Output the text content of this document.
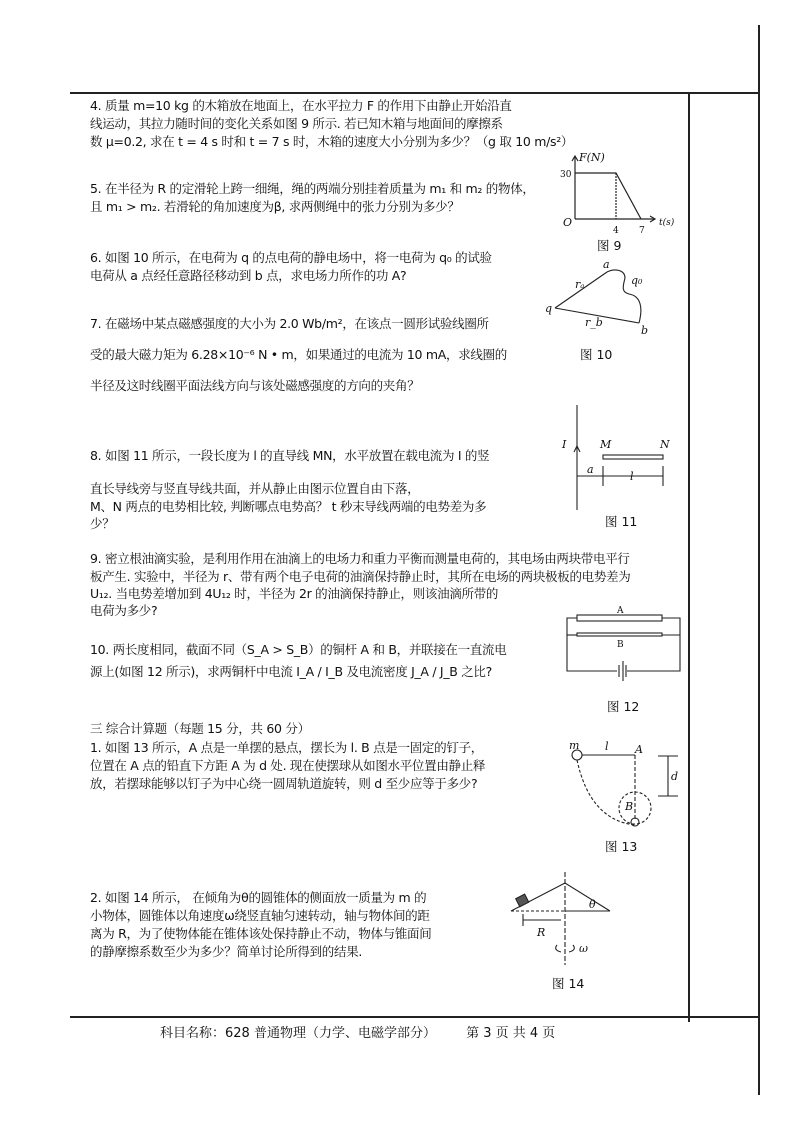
4. 质量 m=10 kg 的木箱放在地面上，在水平拉力 F 的作用下由静止开始沿直
线运动，其拉力随时间的变化关系如图 9 所示. 若已知木箱与地面间的摩擦系
数 μ=0.2, 求在 t = 4 s 时和 t = 7 s 时，木箱的速度大小分别为多少？（g 取 10 m/s²）
5. 在半径为 R 的定滑轮上跨一细绳，绳的两端分别挂着质量为 m₁ 和 m₂ 的物体，
且 m₁ > m₂. 若滑轮的角加速度为β, 求两侧绳中的张力分别为多少？
6. 如图 10 所示，在电荷为 q 的点电荷的静电场中，将一电荷为 q₀ 的试验
电荷从 a 点经任意路径移动到 b 点，求电场力所作的功 A?
7. 在磁场中某点磁感强度的大小为 2.0 Wb/m²，在该点一圆形试验线圈所
受的最大磁力矩为 6.28×10⁻⁶ N • m，如果通过的电流为 10 mA，求线圈的
半径及这时线圈平面法线方向与该处磁感强度的方向的夹角？
8. 如图 11 所示，一段长度为 l 的直导线 MN，水平放置在载电流为 I 的竖
直长导线旁与竖直导线共面，并从静止由图示位置自由下落，
M、N 两点的电势相比较, 判断哪点电势高？ t 秒末导线两端的电势差为多
少？
9. 密立根油滴实验，是利用作用在油滴上的电场力和重力平衡而测量电荷的，其电场由两块带电平行
板产生. 实验中，半径为 r、带有两个电子电荷的油滴保持静止时，其所在电场的两块极板的电势差为
U₁₂. 当电势差增加到 4U₁₂ 时，半径为 2r 的油滴保持静止，则该油滴所带的
电荷为多少?
10. 两长度相同，截面不同（S_A > S_B）的铜杆 A 和 B，并联接在一直流电
源上(如图 12 所示)，求两铜杆中电流 I_A / I_B 及电流密度 J_A / J_B 之比?
三 综合计算题（每题 15 分，共 60 分）
1. 如图 13 所示，A 点是一单摆的悬点，摆长为 l. B 点是一固定的钉子，
位置在 A 点的铅直下方距 A 为 d 处. 现在使摆球从如图水平位置由静止释
放，若摆球能够以钉子为中心绕一圆周轨道旋转，则 d 至少应等于多少?
2. 如图 14 所示， 在倾角为θ的圆锥体的侧面放一质量为 m 的
小物体，圆锥体以角速度ω绕竖直轴匀速转动，轴与物体间的距
离为 R，为了使物体能在锥体该处保持静止不动，物体与锥面间
的静摩擦系数至少为多少？简单讨论所得到的结果.
F(N)
30
O
4 7
t(s)
图 9
a
q₀
q
rₐ
r_b
b
图 10
I	M	N
a
l
图 11
A
B
图 12
m l A
d
B
图 13
θ
R
ω
图 14
科目名称：628 普通物理（力学、电磁学部分） 第 3 页 共 4 页
